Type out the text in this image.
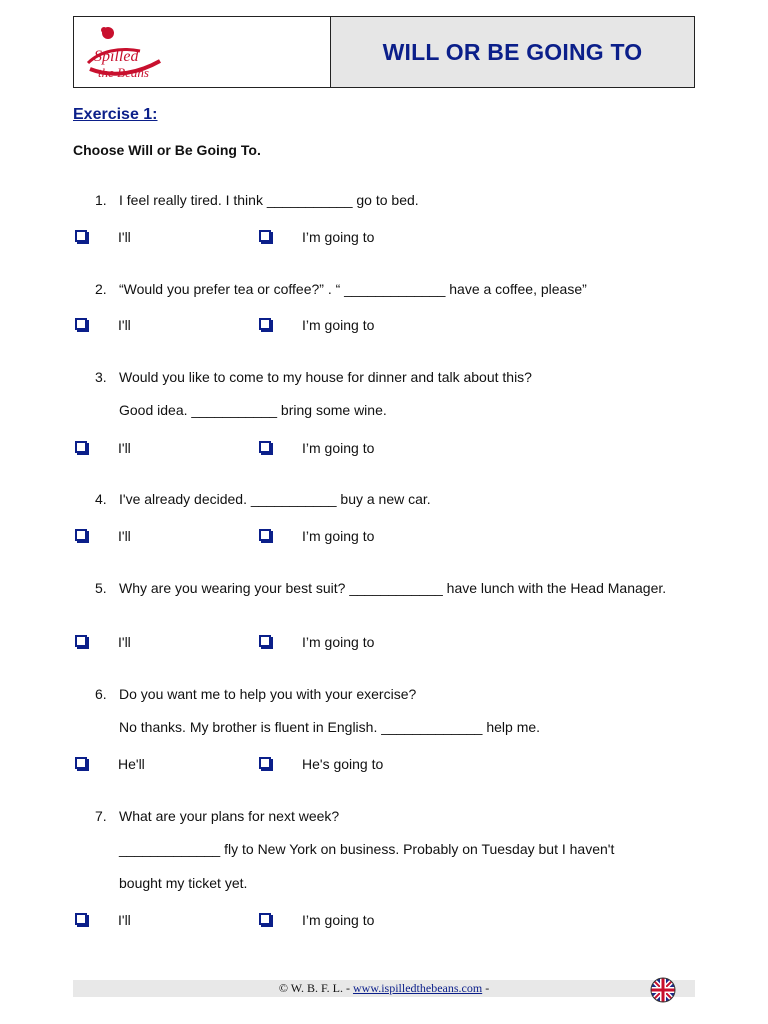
Spilled
the Beans
WILL OR BE GOING TO
Exercise 1:
Choose Will or Be Going To.
1. I feel really tired. I think ___________ go to bed.
I'll	I’m going to
2. “Would you prefer tea or coffee?” . “ _____________ have a coffee, please”
I'll	I’m going to
3. Would you like to come to my house for dinner and talk about this?
Good idea. ___________ bring some wine.
I'll	I’m going to
4. I've already decided. ___________ buy a new car.
I'll	I’m going to
5. Why are you wearing your best suit? ____________ have lunch with the Head Manager.
I'll	I’m going to
6. Do you want me to help you with your exercise?
No thanks. My brother is fluent in English. _____________ help me.
He'll	He's going to
7. What are your plans for next week?
_____________ fly to New York on business. Probably on Tuesday but I haven't
bought my ticket yet.
I'll	I’m going to
© W. B. F. L. - www.ispilledthebeans.com -
